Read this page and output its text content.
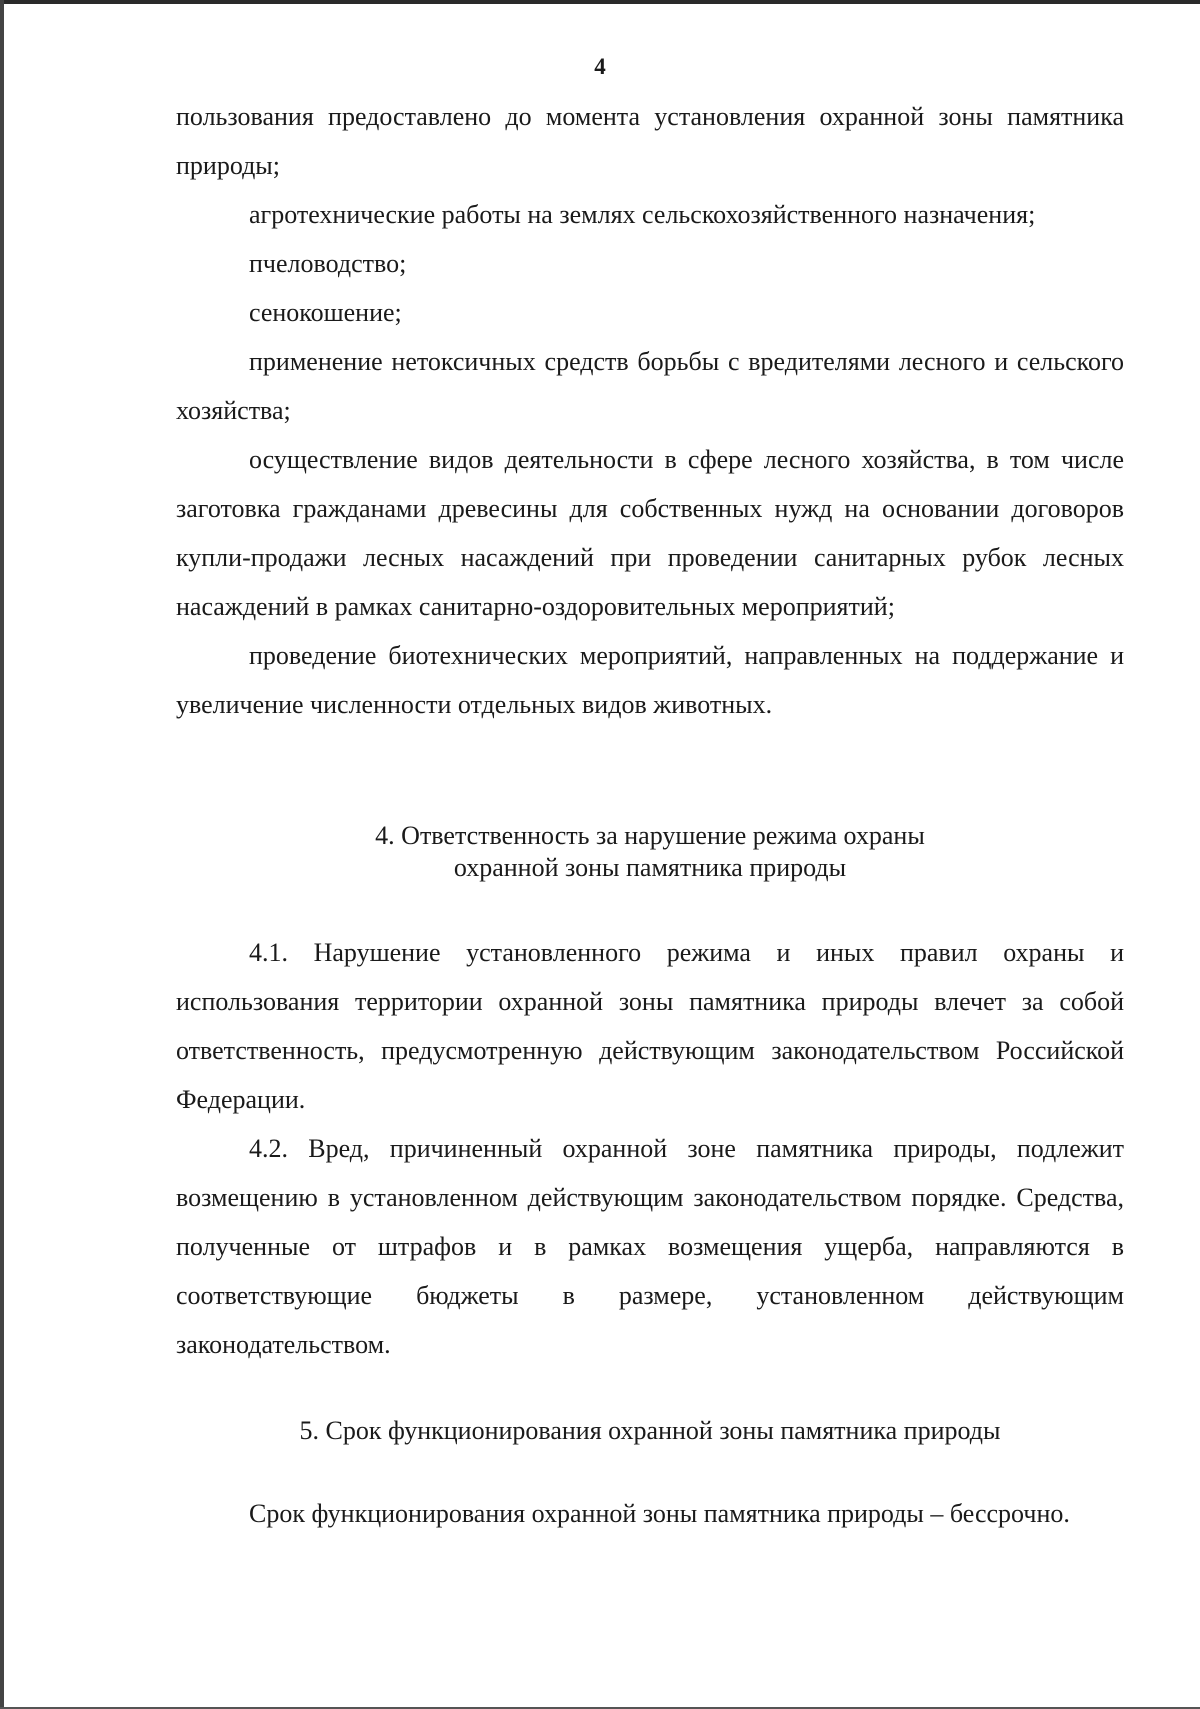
4

пользования предоставлено до момента установления охранной зоны памятника природы;

агротехнические работы на землях сельскохозяйственного назначения;

пчеловодство;

сенокошение;

применение нетоксичных средств борьбы с вредителями лесного и сельского хозяйства;

осуществление видов деятельности в сфере лесного хозяйства, в том числе заготовка гражданами древесины для собственных нужд на основании договоров купли-продажи лесных насаждений при проведении санитарных рубок лесных насаждений в рамках санитарно-оздоровительных мероприятий;

проведение биотехнических мероприятий, направленных на поддержание и увеличение численности отдельных видов животных.

4. Ответственность за нарушение режима охраны
охранной зоны памятника природы

4.1. Нарушение установленного режима и иных правил охраны и использования территории охранной зоны памятника природы влечет за собой ответственность, предусмотренную действующим законодательством Российской Федерации.

4.2. Вред, причиненный охранной зоне памятника природы, подлежит возмещению в установленном действующим законодательством порядке. Средства, полученные от штрафов и в рамках возмещения ущерба, направляются в соответствующие бюджеты в размере, установленном действующим законодательством.

5. Срок функционирования охранной зоны памятника природы

Срок функционирования охранной зоны памятника природы – бессрочно.
